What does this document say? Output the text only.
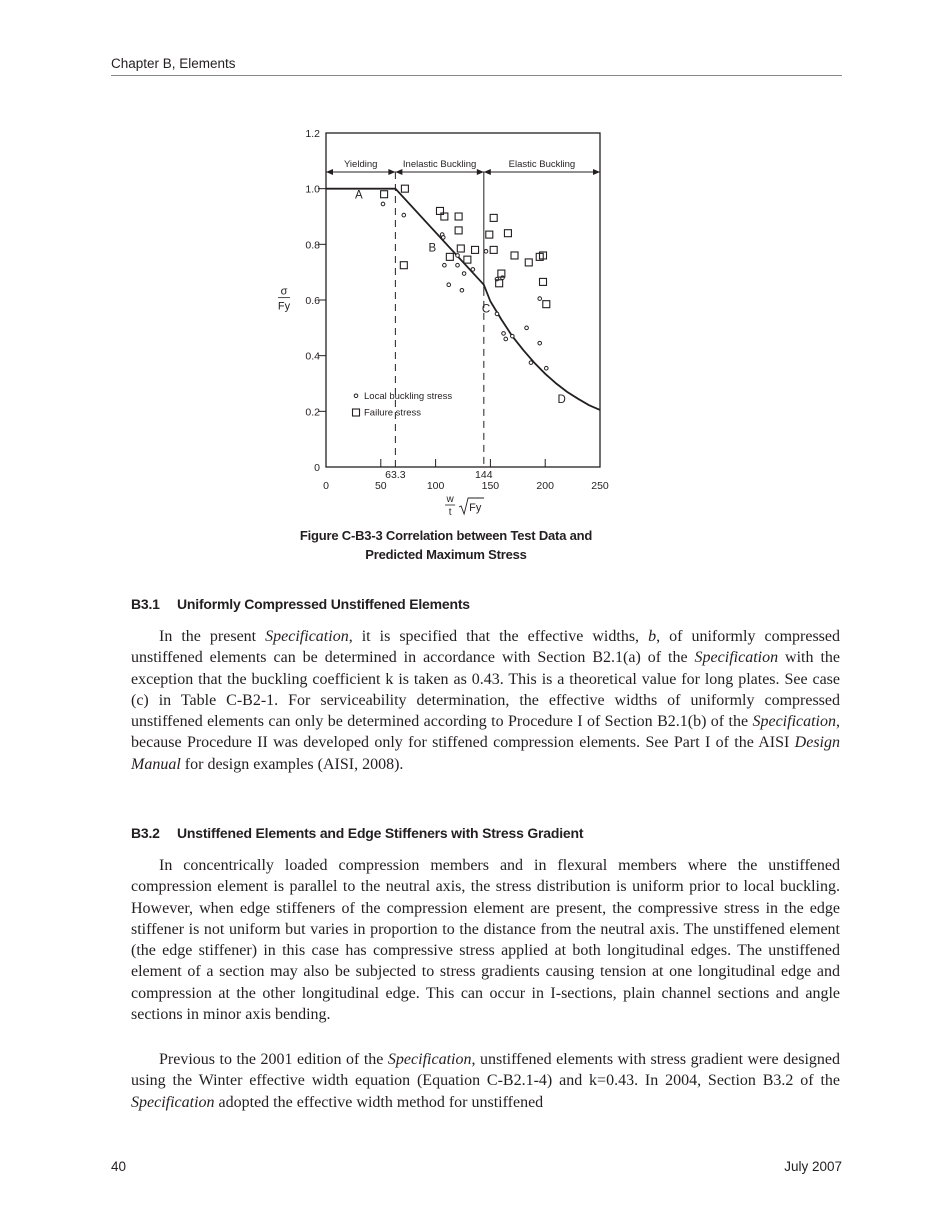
Chapter B, Elements
0
0.2
0.4
0.6
0.8
1.0
1.2
0	50	100	150	200	250
63.3	144
Yielding	Inelastic Buckling	Elastic Buckling
A
B
C
D
Local buckling stress
Failure stress
σ
Fy
w
t Fy
Figure C-B3-3 Correlation between Test Data and
Predicted Maximum Stress
B3.1 Uniformly Compressed Unstiffened Elements

In the present Specification, it is specified that the effective widths, b, of uniformly compressed unstiffened elements can be determined in accordance with Section B2.1(a) of the Specification with the exception that the buckling coefficient k is taken as 0.43. This is a theoretical value for long plates. See case (c) in Table C-B2-1. For serviceability determination, the effective widths of uniformly compressed unstiffened elements can only be determined according to Procedure I of Section B2.1(b) of the Specification, because Procedure II was developed only for stiffened compression elements. See Part I of the AISI Design Manual for design examples (AISI, 2008).

B3.2 Unstiffened Elements and Edge Stiffeners with Stress Gradient

In concentrically loaded compression members and in flexural members where the unstiffened compression element is parallel to the neutral axis, the stress distribution is uniform prior to local buckling. However, when edge stiffeners of the compression element are present, the compressive stress in the edge stiffener is not uniform but varies in proportion to the distance from the neutral axis. The unstiffened element (the edge stiffener) in this case has compressive stress applied at both longitudinal edges. The unstiffened element of a section may also be subjected to stress gradients causing tension at one longitudinal edge and compression at the other longitudinal edge. This can occur in I-sections, plain channel sections and angle sections in minor axis bending.

Previous to the 2001 edition of the Specification, unstiffened elements with stress gradient were designed using the Winter effective width equation (Equation C-B2.1-4) and k=0.43. In 2004, Section B3.2 of the Specification adopted the effective width method for unstiffened

40	July 2007
